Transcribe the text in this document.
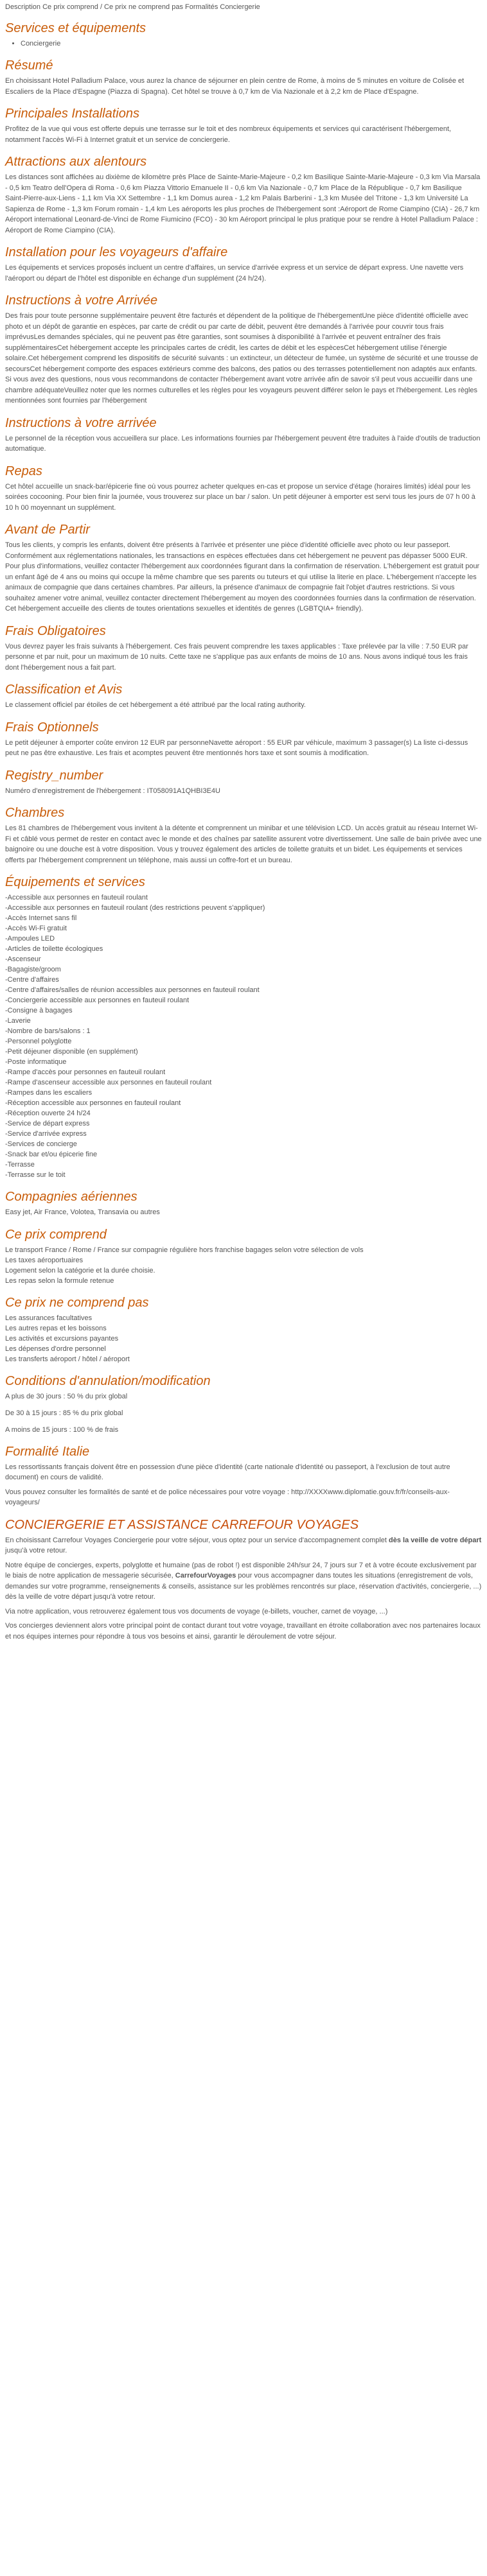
Description Ce prix comprend / Ce prix ne comprend pas Formalités Conciergerie
Services et équipements
• Conciergerie
Résumé

En choisissant Hotel Palladium Palace, vous aurez la chance de séjourner en plein centre de Rome, à moins de 5 minutes en voiture de Colisée et Escaliers de la Place d'Espagne (Piazza di Spagna). Cet hôtel se trouve à 0,7 km de Via Nazionale et à 2,2 km de Place d'Espagne.

Principales Installations

Profitez de la vue qui vous est offerte depuis une terrasse sur le toit et des nombreux équipements et services qui caractérisent l'hébergement, notamment l'accès Wi-Fi à Internet gratuit et un service de conciergerie.

Attractions aux alentours

Les distances sont affichées au dixième de kilomètre près Place de Sainte-Marie-Majeure - 0,2 km Basilique Sainte-Marie-Majeure - 0,3 km Via Marsala - 0,5 km Teatro dell'Opera di Roma - 0,6 km Piazza Vittorio Emanuele II - 0,6 km Via Nazionale - 0,7 km Place de la République - 0,7 km Basilique Saint-Pierre-aux-Liens - 1,1 km Via XX Settembre - 1,1 km Domus aurea - 1,2 km Palais Barberini - 1,3 km Musée del Tritone - 1,3 km Université La Sapienza de Rome - 1,3 km Forum romain - 1,4 km Les aéroports les plus proches de l'hébergement sont :Aéroport de Rome Ciampino (CIA) - 26,7 km Aéroport international Leonard-de-Vinci de Rome Fiumicino (FCO) - 30 km Aéroport principal le plus pratique pour se rendre à Hotel Palladium Palace : Aéroport de Rome Ciampino (CIA).

Installation pour les voyageurs d'affaire

Les équipements et services proposés incluent un centre d'affaires, un service d'arrivée express et un service de départ express. Une navette vers l'aéroport ou départ de l'hôtel est disponible en échange d'un supplément (24 h/24).

Instructions à votre Arrivée

Des frais pour toute personne supplémentaire peuvent être facturés et dépendent de la politique de l'hébergementUne pièce d'identité officielle avec photo et un dépôt de garantie en espèces, par carte de crédit ou par carte de débit, peuvent être demandés à l'arrivée pour couvrir tous frais imprévusLes demandes spéciales, qui ne peuvent pas être garanties, sont soumises à disponibilité à l'arrivée et peuvent entraîner des frais supplémentairesCet hébergement accepte les principales cartes de crédit, les cartes de débit et les espècesCet hébergement utilise l'énergie solaire.Cet hébergement comprend les dispositifs de sécurité suivants : un extincteur, un détecteur de fumée, un système de sécurité et une trousse de secoursCet hébergement comporte des espaces extérieurs comme des balcons, des patios ou des terrasses potentiellement non adaptés aux enfants. Si vous avez des questions, nous vous recommandons de contacter l'hébergement avant votre arrivée afin de savoir s'il peut vous accueillir dans une chambre adéquateVeuillez noter que les normes culturelles et les règles pour les voyageurs peuvent différer selon le pays et l'hébergement. Les règles mentionnées sont fournies par l'hébergement

Instructions à votre arrivée

Le personnel de la réception vous accueillera sur place. Les informations fournies par l'hébergement peuvent être traduites à l'aide d'outils de traduction automatique.

Repas

Cet hôtel accueille un snack-bar/épicerie fine où vous pourrez acheter quelques en-cas et propose un service d'étage (horaires limités) idéal pour les soirées cocooning. Pour bien finir la journée, vous trouverez sur place un bar / salon. Un petit déjeuner à emporter est servi tous les jours de 07 h 00 à 10 h 00 moyennant un supplément.

Avant de Partir

Tous les clients, y compris les enfants, doivent être présents à l'arrivée et présenter une pièce d'identité officielle avec photo ou leur passeport. Conformément aux réglementations nationales, les transactions en espèces effectuées dans cet hébergement ne peuvent pas dépasser 5000 EUR. Pour plus d'informations, veuillez contacter l'hébergement aux coordonnées figurant dans la confirmation de réservation. L'hébergement est gratuit pour un enfant âgé de 4 ans ou moins qui occupe la même chambre que ses parents ou tuteurs et qui utilise la literie en place. L'hébergement n'accepte les animaux de compagnie que dans certaines chambres. Par ailleurs, la présence d'animaux de compagnie fait l'objet d'autres restrictions. Si vous souhaitez amener votre animal, veuillez contacter directement l'hébergement au moyen des coordonnées fournies dans la confirmation de réservation. Cet hébergement accueille des clients de toutes orientations sexuelles et identités de genres (LGBTQIA+ friendly).

Frais Obligatoires

Vous devrez payer les frais suivants à l'hébergement. Ces frais peuvent comprendre les taxes applicables : Taxe prélevée par la ville : 7.50 EUR par personne et par nuit, pour un maximum de 10 nuits. Cette taxe ne s'applique pas aux enfants de moins de 10 ans. Nous avons indiqué tous les frais dont l'hébergement nous a fait part.

Classification et Avis

Le classement officiel par étoiles de cet hébergement a été attribué par the local rating authority.

Frais Optionnels

Le petit déjeuner à emporter coûte environ 12 EUR par personneNavette aéroport : 55 EUR par véhicule, maximum 3 passager(s) La liste ci-dessus peut ne pas être exhaustive. Les frais et acomptes peuvent être mentionnés hors taxe et sont soumis à modification.

Registry_number

Numéro d'enregistrement de l'hébergement : IT058091A1QHBI3E4U

Chambres

Les 81 chambres de l'hébergement vous invitent à la détente et comprennent un minibar et une télévision LCD. Un accès gratuit au réseau Internet Wi-Fi et câblé vous permet de rester en contact avec le monde et des chaînes par satellite assurent votre divertissement. Une salle de bain privée avec une baignoire ou une douche est à votre disposition. Vous y trouvez également des articles de toilette gratuits et un bidet. Les équipements et services offerts par l'hébergement comprennent un téléphone, mais aussi un coffre-fort et un bureau.

Équipements et services
-Accessible aux personnes en fauteuil roulant
-Accessible aux personnes en fauteuil roulant (des restrictions peuvent s'appliquer)
-Accès Internet sans fil
-Accès Wi-Fi gratuit
-Ampoules LED
-Articles de toilette écologiques
-Ascenseur
-Bagagiste/groom
-Centre d'affaires
-Centre d'affaires/salles de réunion accessibles aux personnes en fauteuil roulant
-Conciergerie accessible aux personnes en fauteuil roulant
-Consigne à bagages
-Laverie
-Nombre de bars/salons : 1
-Personnel polyglotte
-Petit déjeuner disponible (en supplément)
-Poste informatique
-Rampe d'accès pour personnes en fauteuil roulant
-Rampe d'ascenseur accessible aux personnes en fauteuil roulant
-Rampes dans les escaliers
-Réception accessible aux personnes en fauteuil roulant
-Réception ouverte 24 h/24
-Service de départ express
-Service d'arrivée express
-Services de concierge
-Snack bar et/ou épicerie fine
-Terrasse
-Terrasse sur le toit
Compagnies aériennes

Easy jet, Air France, Volotea, Transavia ou autres

Ce prix comprend
Le transport France / Rome / France sur compagnie régulière hors franchise bagages selon votre sélection de vols
Les taxes aéroportuaires
Logement selon la catégorie et la durée choisie.
Les repas selon la formule retenue
Ce prix ne comprend pas
Les assurances facultatives
Les autres repas et les boissons
Les activités et excursions payantes
Les dépenses d'ordre personnel
Les transferts aéroport / hôtel / aéroport
Conditions d'annulation/modification
A plus de 30 jours : 50 % du prix global
De 30 à 15 jours : 85 % du prix global
A moins de 15 jours : 100 % de frais
Formalité Italie

Les ressortissants français doivent être en possession d'une pièce d'identité (carte nationale d'identité ou passeport, à l'exclusion de tout autre document) en cours de validité.

Vous pouvez consulter les formalités de santé et de police nécessaires pour votre voyage : http://XXXXwww.diplomatie.gouv.fr/fr/conseils-aux-voyageurs/

CONCIERGERIE ET ASSISTANCE CARREFOUR VOYAGES

En choisissant Carrefour Voyages Conciergerie pour votre séjour, vous optez pour un service d'accompagnement complet dès la veille de votre départ jusqu'à votre retour.

Notre équipe de concierges, experts, polyglotte et humaine (pas de robot !) est disponible 24h/sur 24, 7 jours sur 7 et à votre écoute exclusivement par le biais de notre application de messagerie sécurisée, CarrefourVoyages pour vous accompagner dans toutes les situations (enregistrement de vols, demandes sur votre programme, renseignements & conseils, assistance sur les problèmes rencontrés sur place, réservation d'activités, conciergerie, ...) dès la veille de votre départ jusqu'à votre retour.

Via notre application, vous retrouverez également tous vos documents de voyage (e-billets, voucher, carnet de voyage, ...)

Vos concierges deviennent alors votre principal point de contact durant tout votre voyage, travaillant en étroite collaboration avec nos partenaires locaux et nos équipes internes pour répondre à tous vos besoins et ainsi, garantir le déroulement de votre séjour.
